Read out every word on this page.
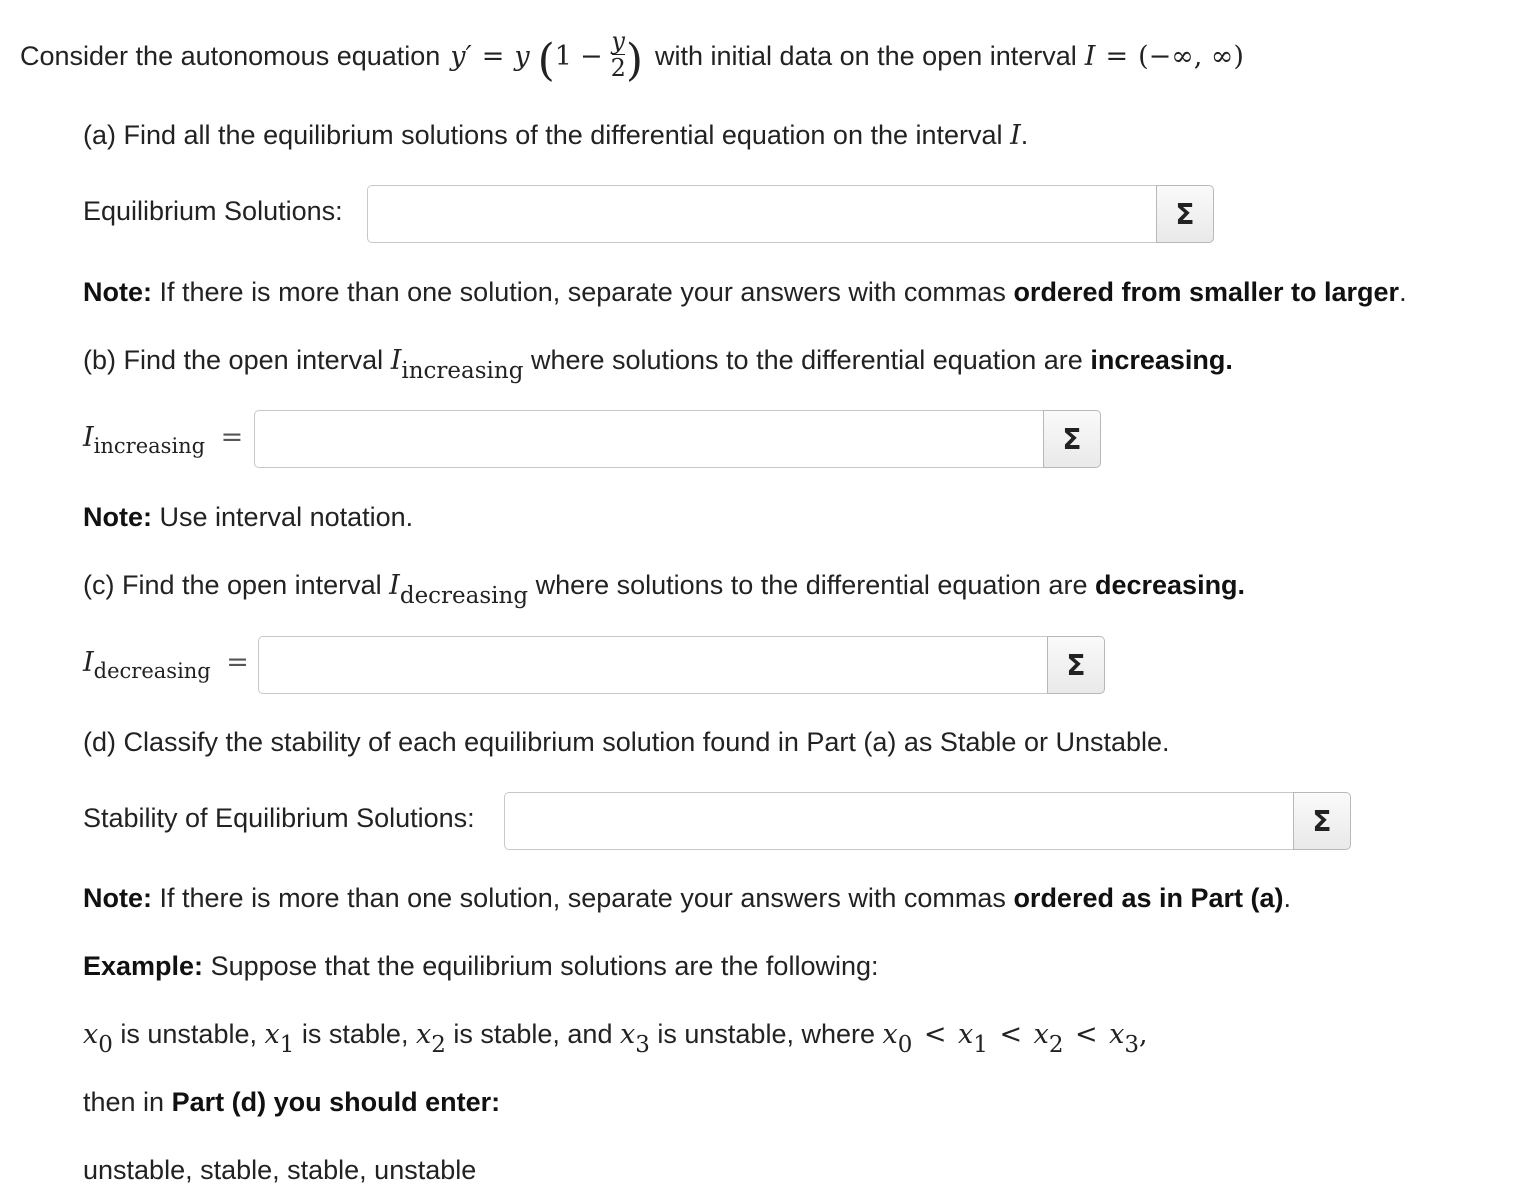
Consider the autonomous equation y′ = y ( $1 - \frac{y}{2}$ ) with initial data on the open interval I = (−∞, ∞)
(a) Find all the equilibrium solutions of the differential equation on the interval I.
Equilibrium Solutions:	Σ
Note: If there is more than one solution, separate your answers with commas ordered from smaller to larger.
(b) Find the open interval Iincreasing where solutions to the differential equation are increasing.
$I_{increasing}$ =	Σ
Note: Use interval notation.
(c) Find the open interval Idecreasing where solutions to the differential equation are decreasing.
$I_{decreasing}$ =	Σ
(d) Classify the stability of each equilibrium solution found in Part (a) as Stable or Unstable.
Stability of Equilibrium Solutions:	Σ
Note: If there is more than one solution, separate your answers with commas ordered as in Part (a).
Example: Suppose that the equilibrium solutions are the following:
x0 is unstable, x1 is stable, x2 is stable, and x3 is unstable, where x0 < x1 < x2 < x3,
then in Part (d) you should enter:
unstable, stable, stable, unstable
